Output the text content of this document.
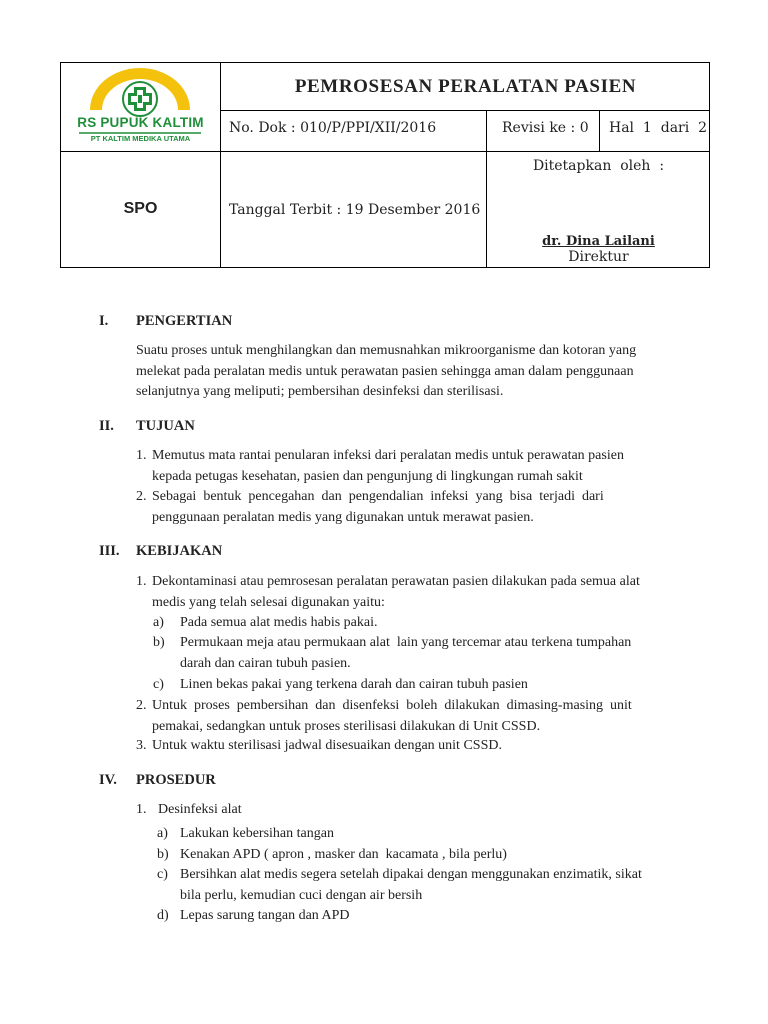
RS PUPUK KALTIM
PT KALTIM MEDIKA UTAMA
PEMROSESAN PERALATAN PASIEN
No. Dok : 010/P/PPI/XII/2016	Revisi ke : 0 Hal  1  dari  2
SPO	Tanggal Terbit : 19 Desember 2016
Ditetapkan  oleh  :
dr. Dina Lailani
Direktur
I. PENGERTIAN
Suatu proses untuk menghilangkan dan memusnahkan mikroorganisme dan kotoran yang
melekat pada peralatan medis untuk perawatan pasien sehingga aman dalam penggunaan
selanjutnya yang meliputi; pembersihan desinfeksi dan sterilisasi.
II. TUJUAN
1. Memutus mata rantai penularan infeksi dari peralatan medis untuk perawatan pasien
kepada petugas kesehatan, pasien dan pengunjung di lingkungan rumah sakit
2. Sebagai  bentuk  pencegahan  dan  pengendalian  infeksi  yang  bisa  terjadi  dari
penggunaan peralatan medis yang digunakan untuk merawat pasien.
III. KEBIJAKAN
1. Dekontaminasi atau pemrosesan peralatan perawatan pasien dilakukan pada semua alat
medis yang telah selesai digunakan yaitu:
a) Pada semua alat medis habis pakai.
b) Permukaan meja atau permukaan alat  lain yang tercemar atau terkena tumpahan
darah dan cairan tubuh pasien.
c) Linen bekas pakai yang terkena darah dan cairan tubuh pasien
2. Untuk  proses  pembersihan  dan  disenfeksi  boleh  dilakukan  dimasing-masing  unit
pemakai, sedangkan untuk proses sterilisasi dilakukan di Unit CSSD.
3. Untuk waktu sterilisasi jadwal disesuaikan dengan unit CSSD.
IV. PROSEDUR
1. Desinfeksi alat
a) Lakukan kebersihan tangan
b) Kenakan APD ( apron , masker dan  kacamata , bila perlu)
c) Bersihkan alat medis segera setelah dipakai dengan menggunakan enzimatik, sikat
bila perlu, kemudian cuci dengan air bersih
d) Lepas sarung tangan dan APD
